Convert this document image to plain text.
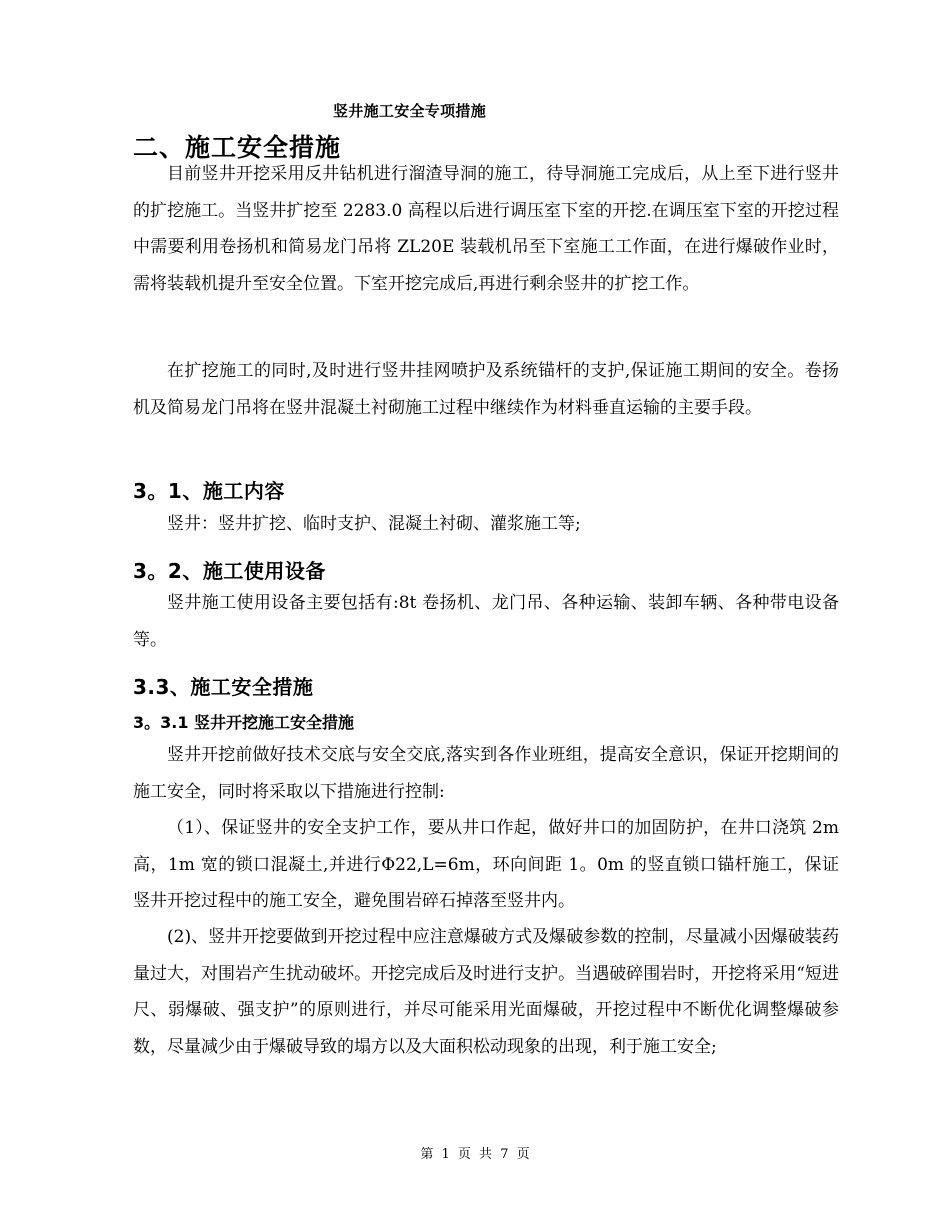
竖井施工安全专项措施
二、施工安全措施

目前竖井开挖采用反井钻机进行溜渣导洞的施工，待导洞施工完成后，从上至下进行竖井的扩挖施工。当竖井扩挖至 2283.0 高程以后进行调压室下室的开挖.在调压室下室的开挖过程中需要利用卷扬机和简易龙门吊将 ZL20E 装载机吊至下室施工工作面，在进行爆破作业时，需将装载机提升至安全位置。下室开挖完成后,再进行剩余竖井的扩挖工作。

在扩挖施工的同时,及时进行竖井挂网喷护及系统锚杆的支护,保证施工期间的安全。卷扬机及简易龙门吊将在竖井混凝土衬砌施工过程中继续作为材料垂直运输的主要手段。

3。1、施工内容

竖井：竖井扩挖、临时支护、混凝土衬砌、灌浆施工等;

3。2、施工使用设备

竖井施工使用设备主要包括有:8t 卷扬机、龙门吊、各种运输、装卸车辆、各种带电设备等。

3.3、施工安全措施
3。3.1 竖井开挖施工安全措施

竖井开挖前做好技术交底与安全交底,落实到各作业班组，提高安全意识，保证开挖期间的施工安全，同时将采取以下措施进行控制:

（1）、保证竖井的安全支护工作，要从井口作起，做好井口的加固防护，在井口浇筑 2m 高，1m 宽的锁口混凝土,并进行Φ22,L=6m，环向间距 1。0m 的竖直锁口锚杆施工，保证竖井开挖过程中的施工安全，避免围岩碎石掉落至竖井内。

(2)、竖井开挖要做到开挖过程中应注意爆破方式及爆破参数的控制，尽量减小因爆破装药量过大，对围岩产生扰动破坏。开挖完成后及时进行支护。当遇破碎围岩时，开挖将采用“短进尺、弱爆破、强支护”的原则进行，并尽可能采用光面爆破，开挖过程中不断优化调整爆破参数，尽量减少由于爆破导致的塌方以及大面积松动现象的出现，利于施工安全;

第 1 页 共 7 页
